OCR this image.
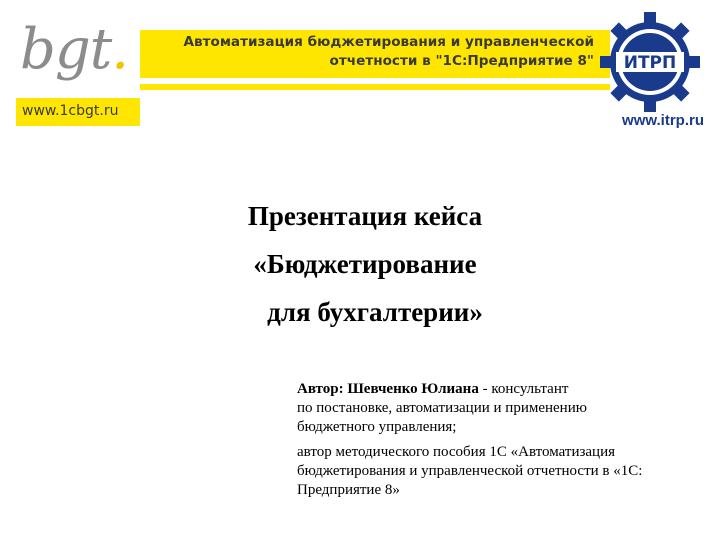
bgt.	Автоматизация бюджетирования и управленческой
отчетности в "1С:Предприятие 8"
www.1cbgt.ru
ИТРП
www.itrp.ru
Презентация кейса
«Бюджетирование
для бухгалтерии»

Автор: Шевченко Юлиана - консультант

по постановке, автоматизации и применению

бюджетного управления;

автор методического пособия 1С «Автоматизация

бюджетирования и управленческой отчетности в «1С:

Предприятие 8»
